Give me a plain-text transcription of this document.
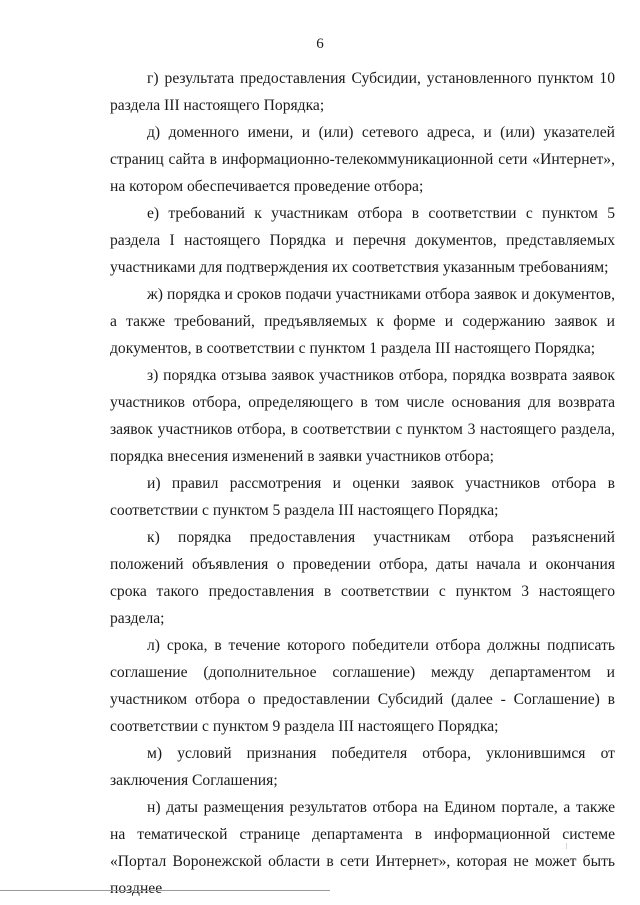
6

г) результата предоставления Субсидии, установленного пунктом 10 раздела III настоящего Порядка;

д) доменного имени, и (или) сетевого адреса, и (или) указателей страниц сайта в информационно-телекоммуникационной сети «Интернет», на котором обеспечивается проведение отбора;

е) требований к участникам отбора в соответствии с пунктом 5 раздела I настоящего Порядка и перечня документов, представляемых участниками для подтверждения их соответствия указанным требованиям;

ж) порядка и сроков подачи участниками отбора заявок и документов, а также требований, предъявляемых к форме и содержанию заявок и документов, в соответствии с пунктом 1 раздела III настоящего Порядка;

з) порядка отзыва заявок участников отбора, порядка возврата заявок участников отбора, определяющего в том числе основания для возврата заявок участников отбора, в соответствии с пунктом 3 настоящего раздела, порядка внесения изменений в заявки участников отбора;

и) правил рассмотрения и оценки заявок участников отбора в соответствии с пунктом 5 раздела III настоящего Порядка;

к) порядка предоставления участникам отбора разъяснений положений объявления о проведении отбора, даты начала и окончания срока такого предоставления в соответствии с пунктом 3 настоящего раздела;

л) срока, в течение которого победители отбора должны подписать соглашение (дополнительное соглашение) между департаментом и участником отбора о предоставлении Субсидий (далее - Соглашение) в соответствии с пунктом 9 раздела III настоящего Порядка;

м) условий признания победителя отбора, уклонившимся от заключения Соглашения;

н) даты размещения результатов отбора на Едином портале, а также на тематической странице департамента в информационной системе «Портал Воронежской области в сети Интернет», которая не может быть позднее
